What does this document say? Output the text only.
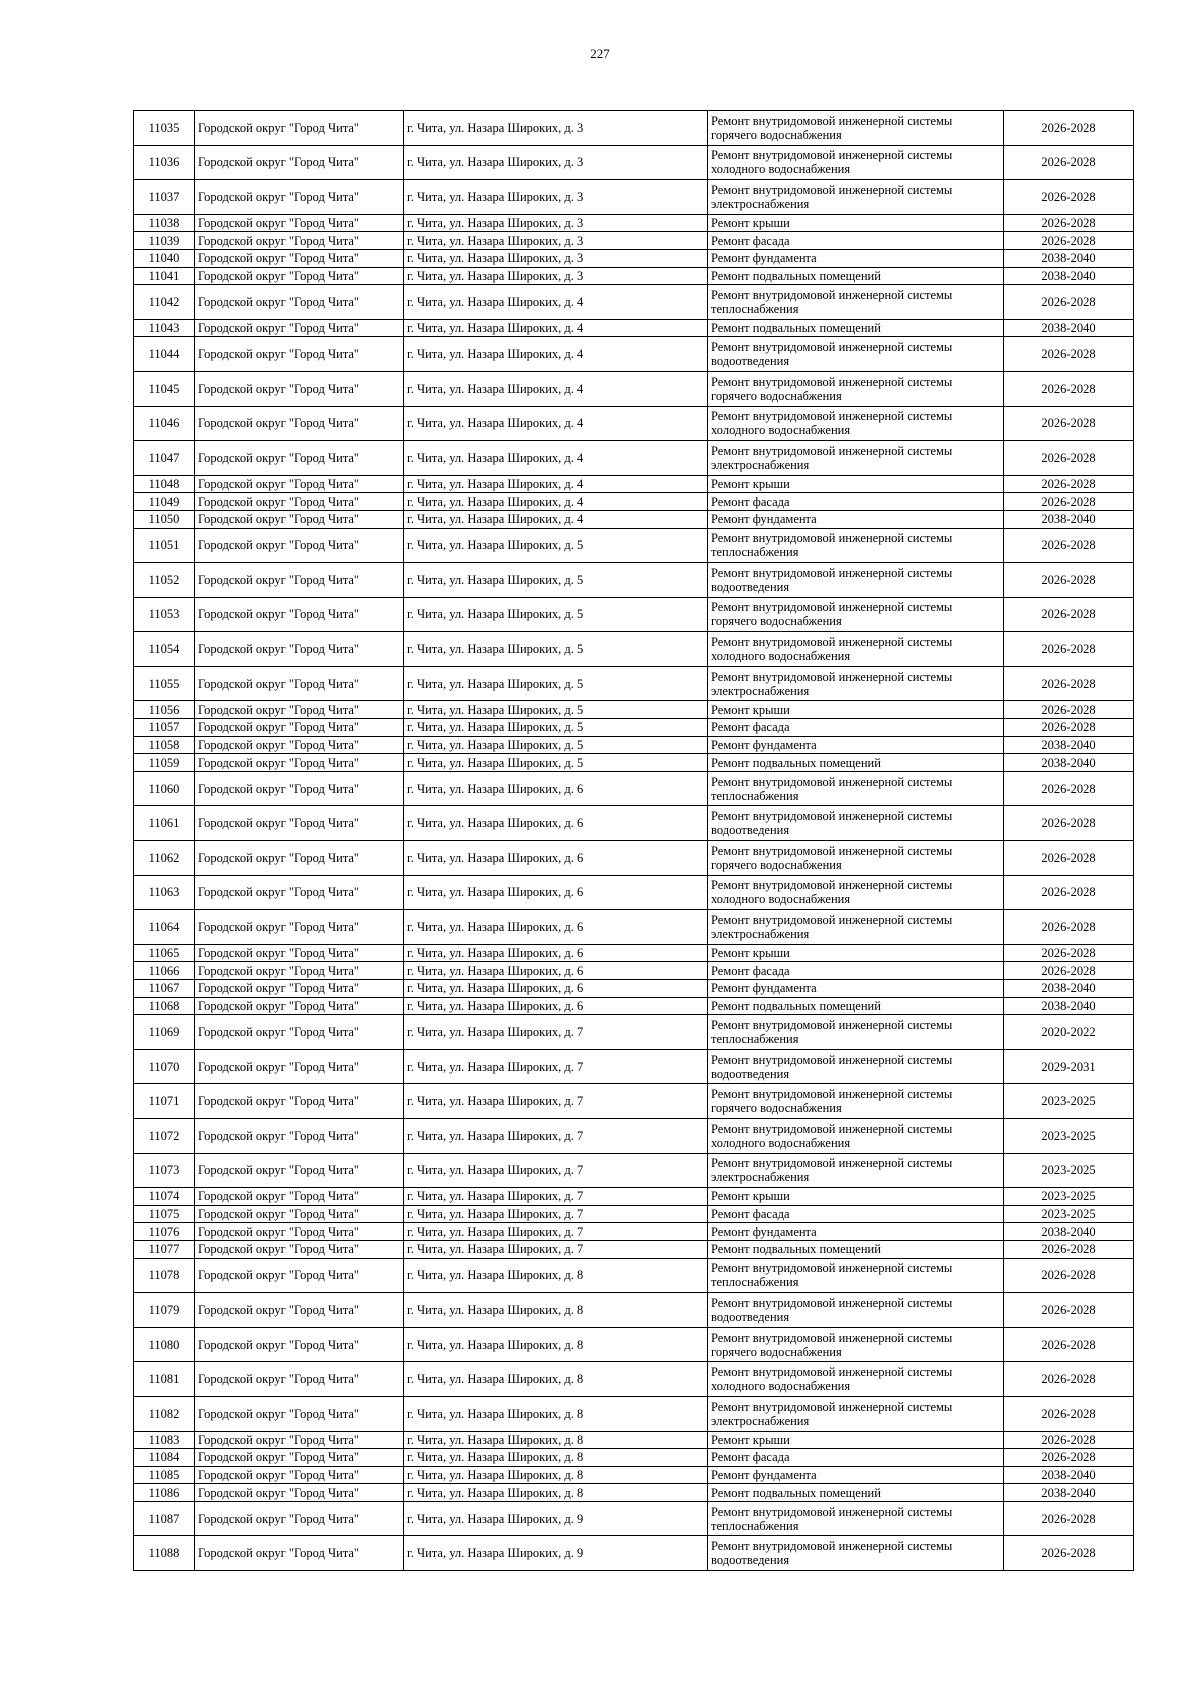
227
11035	Городской округ "Город Чита"	г. Чита, ул. Назара Широких, д. 3	Ремонт внутридомовой инженерной системы горячего водоснабжения	2026-2028
11036	Городской округ "Город Чита"	г. Чита, ул. Назара Широких, д. 3	Ремонт внутридомовой инженерной системы холодного водоснабжения	2026-2028
11037	Городской округ "Город Чита"	г. Чита, ул. Назара Широких, д. 3	Ремонт внутридомовой инженерной системы электроснабжения	2026-2028
11038	Городской округ "Город Чита"	г. Чита, ул. Назара Широких, д. 3	Ремонт крыши	2026-2028
11039	Городской округ "Город Чита"	г. Чита, ул. Назара Широких, д. 3	Ремонт фасада	2026-2028
11040	Городской округ "Город Чита"	г. Чита, ул. Назара Широких, д. 3	Ремонт фундамента	2038-2040
11041	Городской округ "Город Чита"	г. Чита, ул. Назара Широких, д. 3	Ремонт подвальных помещений	2038-2040
11042	Городской округ "Город Чита"	г. Чита, ул. Назара Широких, д. 4	Ремонт внутридомовой инженерной системы теплоснабжения	2026-2028
11043	Городской округ "Город Чита"	г. Чита, ул. Назара Широких, д. 4	Ремонт подвальных помещений	2038-2040
11044	Городской округ "Город Чита"	г. Чита, ул. Назара Широких, д. 4	Ремонт внутридомовой инженерной системы водоотведения	2026-2028
11045	Городской округ "Город Чита"	г. Чита, ул. Назара Широких, д. 4	Ремонт внутридомовой инженерной системы горячего водоснабжения	2026-2028
11046	Городской округ "Город Чита"	г. Чита, ул. Назара Широких, д. 4	Ремонт внутридомовой инженерной системы холодного водоснабжения	2026-2028
11047	Городской округ "Город Чита"	г. Чита, ул. Назара Широких, д. 4	Ремонт внутридомовой инженерной системы электроснабжения	2026-2028
11048	Городской округ "Город Чита"	г. Чита, ул. Назара Широких, д. 4	Ремонт крыши	2026-2028
11049	Городской округ "Город Чита"	г. Чита, ул. Назара Широких, д. 4	Ремонт фасада	2026-2028
11050	Городской округ "Город Чита"	г. Чита, ул. Назара Широких, д. 4	Ремонт фундамента	2038-2040
11051	Городской округ "Город Чита"	г. Чита, ул. Назара Широких, д. 5	Ремонт внутридомовой инженерной системы теплоснабжения	2026-2028
11052	Городской округ "Город Чита"	г. Чита, ул. Назара Широких, д. 5	Ремонт внутридомовой инженерной системы водоотведения	2026-2028
11053	Городской округ "Город Чита"	г. Чита, ул. Назара Широких, д. 5	Ремонт внутридомовой инженерной системы горячего водоснабжения	2026-2028
11054	Городской округ "Город Чита"	г. Чита, ул. Назара Широких, д. 5	Ремонт внутридомовой инженерной системы холодного водоснабжения	2026-2028
11055	Городской округ "Город Чита"	г. Чита, ул. Назара Широких, д. 5	Ремонт внутридомовой инженерной системы электроснабжения	2026-2028
11056	Городской округ "Город Чита"	г. Чита, ул. Назара Широких, д. 5	Ремонт крыши	2026-2028
11057	Городской округ "Город Чита"	г. Чита, ул. Назара Широких, д. 5	Ремонт фасада	2026-2028
11058	Городской округ "Город Чита"	г. Чита, ул. Назара Широких, д. 5	Ремонт фундамента	2038-2040
11059	Городской округ "Город Чита"	г. Чита, ул. Назара Широких, д. 5	Ремонт подвальных помещений	2038-2040
11060	Городской округ "Город Чита"	г. Чита, ул. Назара Широких, д. 6	Ремонт внутридомовой инженерной системы теплоснабжения	2026-2028
11061	Городской округ "Город Чита"	г. Чита, ул. Назара Широких, д. 6	Ремонт внутридомовой инженерной системы водоотведения	2026-2028
11062	Городской округ "Город Чита"	г. Чита, ул. Назара Широких, д. 6	Ремонт внутридомовой инженерной системы горячего водоснабжения	2026-2028
11063	Городской округ "Город Чита"	г. Чита, ул. Назара Широких, д. 6	Ремонт внутридомовой инженерной системы холодного водоснабжения	2026-2028
11064	Городской округ "Город Чита"	г. Чита, ул. Назара Широких, д. 6	Ремонт внутридомовой инженерной системы электроснабжения	2026-2028
11065	Городской округ "Город Чита"	г. Чита, ул. Назара Широких, д. 6	Ремонт крыши	2026-2028
11066	Городской округ "Город Чита"	г. Чита, ул. Назара Широких, д. 6	Ремонт фасада	2026-2028
11067	Городской округ "Город Чита"	г. Чита, ул. Назара Широких, д. 6	Ремонт фундамента	2038-2040
11068	Городской округ "Город Чита"	г. Чита, ул. Назара Широких, д. 6	Ремонт подвальных помещений	2038-2040
11069	Городской округ "Город Чита"	г. Чита, ул. Назара Широких, д. 7	Ремонт внутридомовой инженерной системы теплоснабжения	2020-2022
11070	Городской округ "Город Чита"	г. Чита, ул. Назара Широких, д. 7	Ремонт внутридомовой инженерной системы водоотведения	2029-2031
11071	Городской округ "Город Чита"	г. Чита, ул. Назара Широких, д. 7	Ремонт внутридомовой инженерной системы горячего водоснабжения	2023-2025
11072	Городской округ "Город Чита"	г. Чита, ул. Назара Широких, д. 7	Ремонт внутридомовой инженерной системы холодного водоснабжения	2023-2025
11073	Городской округ "Город Чита"	г. Чита, ул. Назара Широких, д. 7	Ремонт внутридомовой инженерной системы электроснабжения	2023-2025
11074	Городской округ "Город Чита"	г. Чита, ул. Назара Широких, д. 7	Ремонт крыши	2023-2025
11075	Городской округ "Город Чита"	г. Чита, ул. Назара Широких, д. 7	Ремонт фасада	2023-2025
11076	Городской округ "Город Чита"	г. Чита, ул. Назара Широких, д. 7	Ремонт фундамента	2038-2040
11077	Городской округ "Город Чита"	г. Чита, ул. Назара Широких, д. 7	Ремонт подвальных помещений	2026-2028
11078	Городской округ "Город Чита"	г. Чита, ул. Назара Широких, д. 8	Ремонт внутридомовой инженерной системы теплоснабжения	2026-2028
11079	Городской округ "Город Чита"	г. Чита, ул. Назара Широких, д. 8	Ремонт внутридомовой инженерной системы водоотведения	2026-2028
11080	Городской округ "Город Чита"	г. Чита, ул. Назара Широких, д. 8	Ремонт внутридомовой инженерной системы горячего водоснабжения	2026-2028
11081	Городской округ "Город Чита"	г. Чита, ул. Назара Широких, д. 8	Ремонт внутридомовой инженерной системы холодного водоснабжения	2026-2028
11082	Городской округ "Город Чита"	г. Чита, ул. Назара Широких, д. 8	Ремонт внутридомовой инженерной системы электроснабжения	2026-2028
11083	Городской округ "Город Чита"	г. Чита, ул. Назара Широких, д. 8	Ремонт крыши	2026-2028
11084	Городской округ "Город Чита"	г. Чита, ул. Назара Широких, д. 8	Ремонт фасада	2026-2028
11085	Городской округ "Город Чита"	г. Чита, ул. Назара Широких, д. 8	Ремонт фундамента	2038-2040
11086	Городской округ "Город Чита"	г. Чита, ул. Назара Широких, д. 8	Ремонт подвальных помещений	2038-2040
11087	Городской округ "Город Чита"	г. Чита, ул. Назара Широких, д. 9	Ремонт внутридомовой инженерной системы теплоснабжения	2026-2028
11088	Городской округ "Город Чита"	г. Чита, ул. Назара Широких, д. 9	Ремонт внутридомовой инженерной системы водоотведения	2026-2028
